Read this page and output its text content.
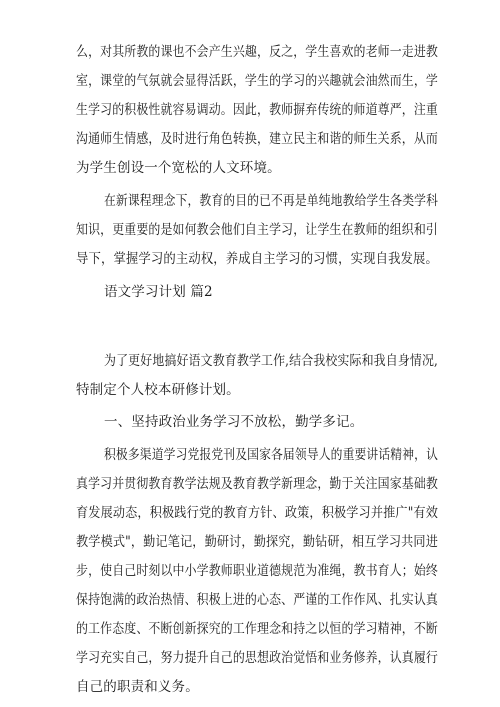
么，对其所教的课也不会产生兴趣，反之，学生喜欢的老师一走进教
室，课堂的气氛就会显得活跃，学生的学习的兴趣就会油然而生，学
生学习的积极性就容易调动。因此，教师摒弃传统的师道尊严，注重
沟通师生情感，及时进行角色转换，建立民主和谐的师生关系，从而
为学生创设一个宽松的人文环境。
在新课程理念下，教育的目的已不再是单纯地教给学生各类学科
知识，更重要的是如何教会他们自主学习，让学生在教师的组织和引
导下，掌握学习的主动权，养成自主学习的习惯，实现自我发展。
语文学习计划 篇2
为了更好地搞好语文教育教学工作,结合我校实际和我自身情况,
特制定个人校本研修计划。
一、坚持政治业务学习不放松，勤学多记。
积极多渠道学习党报党刊及国家各届领导人的重要讲话精神，认
真学习并贯彻教育教学法规及教育教学新理念，勤于关注国家基础教
育发展动态，积极践行党的教育方针、政策，积极学习并推广"有效
教学模式"，勤记笔记，勤研讨，勤探究，勤钻研，相互学习共同进
步，使自己时刻以中小学教师职业道德规范为准绳，教书育人；始终
保持饱满的政治热情、积极上进的心态、严谨的工作作风、扎实认真
的工作态度、不断创新探究的工作理念和持之以恒的学习精神，不断
学习充实自己，努力提升自己的思想政治觉悟和业务修养，认真履行
自己的职责和义务。
